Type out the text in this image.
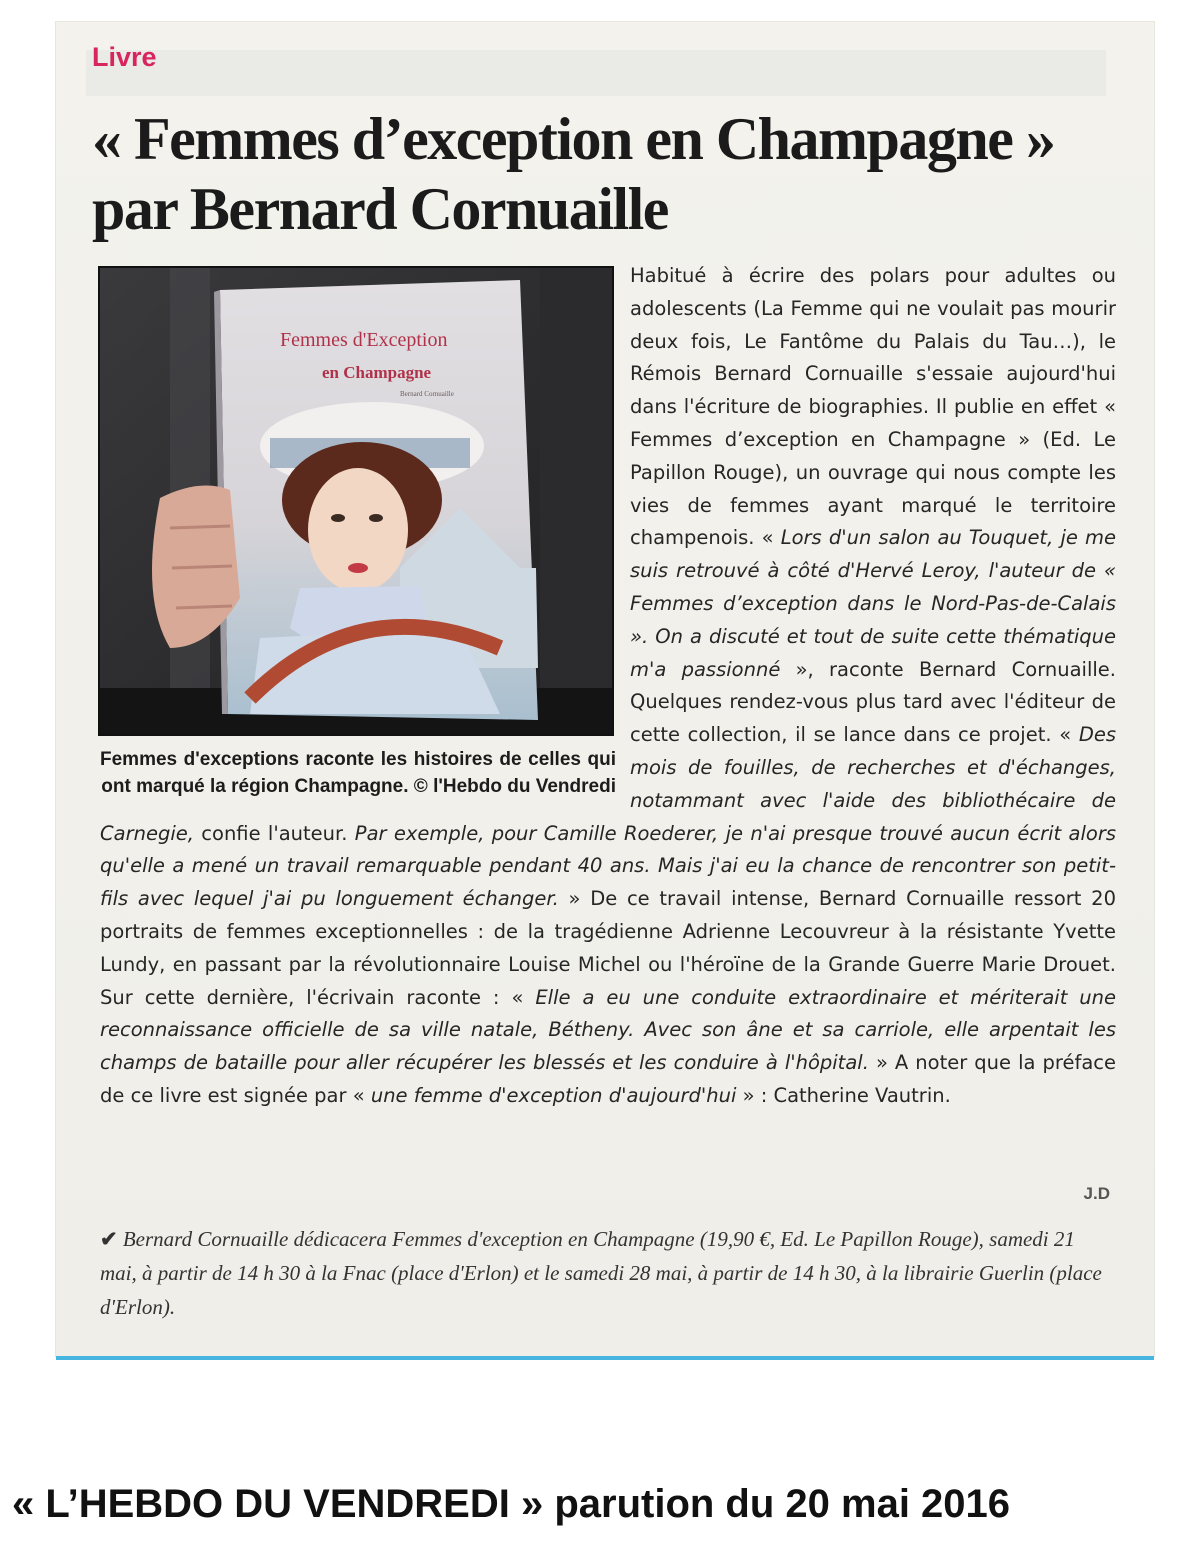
Livre
« Femmes d’exception en Champagne » par Bernard Cornuaille
Femmes d'Exception
en Champagne
Bernard Cornuaille
Femmes d'exceptions raconte les histoires de celles qui ont marqué la région Champagne. © l'Hebdo du Vendredi
Habitué à écrire des polars pour adultes ou adolescents (La Femme qui ne voulait pas mourir deux fois, Le Fantôme du Palais du Tau…), le Rémois Bernard Cornuaille s'essaie aujourd'hui dans l'écriture de biographies. Il publie en effet « Femmes d’exception en Champagne » (Ed. Le Papillon Rouge), un ouvrage qui nous compte les vies de femmes ayant marqué le territoire champenois. « Lors d'un salon au Touquet, je me suis retrouvé à côté d'Hervé Leroy, l'auteur de « Femmes d’exception dans le Nord-Pas-de-Calais ». On a discuté et tout de suite cette thématique m'a passionné », raconte Bernard Cornuaille. Quelques rendez-vous plus tard avec l'éditeur de cette collection, il se lance dans ce projet. « Des mois de fouilles, de recherches et d'échanges, notammant avec l'aide des bibliothécaire de Carnegie, confie l'auteur. Par exemple, pour Camille Roederer, je n'ai presque trouvé aucun écrit alors qu'elle a mené un travail remarquable pendant 40 ans. Mais j'ai eu la chance de rencontrer son petit-fils avec lequel j'ai pu longuement échanger. » De ce travail intense, Bernard Cornuaille ressort 20 portraits de femmes exceptionnelles : de la tragédienne Adrienne Lecouvreur à la résistante Yvette Lundy, en passant par la révolutionnaire Louise Michel ou l'héroïne de la Grande Guerre Marie Drouet. Sur cette dernière, l'écrivain raconte : « Elle a eu une conduite extraordinaire et mériterait une reconnaissance officielle de sa ville natale, Bétheny. Avec son âne et sa carriole, elle arpentait les champs de bataille pour aller récupérer les blessés et les conduire à l'hôpital. » A noter que la préface de ce livre est signée par « une femme d'exception d'aujourd'hui » : Catherine Vautrin.
J.D
✔ Bernard Cornuaille dédicacera Femmes d'exception en Champagne (19,90 €, Ed. Le Papillon Rouge), samedi 21 mai, à partir de 14 h 30 à la Fnac (place d'Erlon) et le samedi 28 mai, à partir de 14 h 30, à la librairie Guerlin (place d'Erlon).
« L’HEBDO DU VENDREDI » parution du 20 mai 2016
